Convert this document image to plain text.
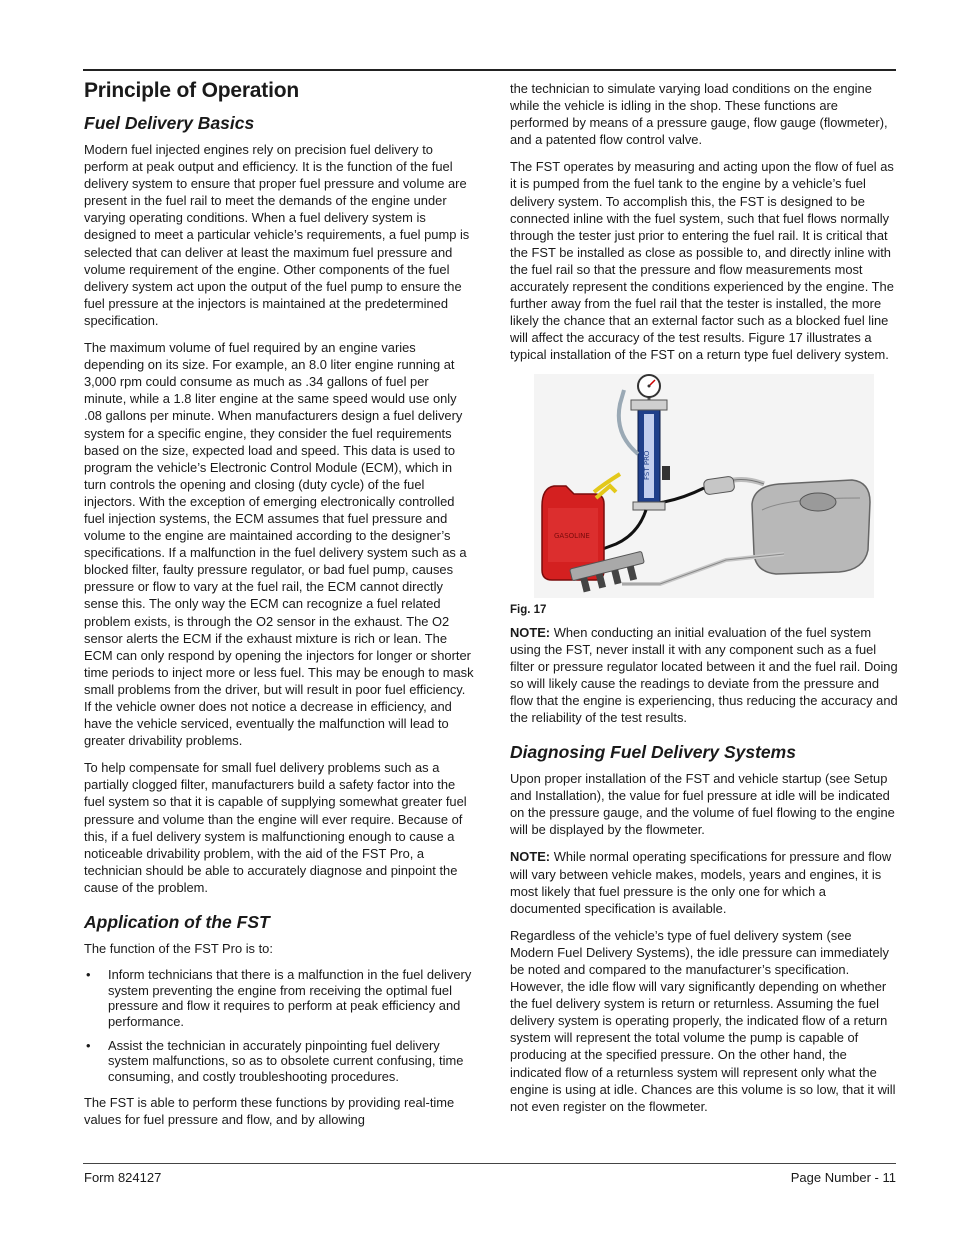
Principle of Operation
Fuel Delivery Basics

Modern fuel injected engines rely on precision fuel delivery to perform at peak output and efficiency. It is the function of the fuel delivery system to ensure that proper fuel pressure and volume are present in the fuel rail to meet the demands of the engine under varying operating conditions. When a fuel delivery system is designed to meet a particular vehicle’s requirements, a fuel pump is selected that can deliver at least the maximum fuel pressure and volume requirement of the engine. Other components of the fuel delivery system act upon the output of the fuel pump to ensure the fuel pressure at the injectors is maintained at the predetermined specification.

The maximum volume of fuel required by an engine varies depending on its size. For example, an 8.0 liter engine running at 3,000 rpm could consume as much as .34 gallons of fuel per minute, while a 1.8 liter engine at the same speed would use only .08 gallons per minute. When manufacturers design a fuel delivery system for a specific engine, they consider the fuel requirements based on the size, expected load and speed. This data is used to program the vehicle’s Electronic Control Module (ECM), which in turn controls the opening and closing (duty cycle) of the fuel injectors. With the exception of emerging electronically controlled fuel injection systems, the ECM assumes that fuel pressure and volume to the engine are maintained according to the designer’s specifications. If a malfunction in the fuel delivery system such as a blocked filter, faulty pressure regulator, or bad fuel pump, causes pressure or flow to vary at the fuel rail, the ECM cannot directly sense this. The only way the ECM can recognize a fuel related problem exists, is through the O2 sensor in the exhaust. The O2 sensor alerts the ECM if the exhaust mixture is rich or lean. The ECM can only respond by opening the injectors for longer or shorter time periods to inject more or less fuel. This may be enough to mask small problems from the driver, but will result in poor fuel efficiency. If the vehicle owner does not notice a decrease in efficiency, and have the vehicle serviced, eventually the malfunction will lead to greater drivability problems.

To help compensate for small fuel delivery problems such as a partially clogged filter, manufacturers build a safety factor into the fuel system so that it is capable of supplying somewhat greater fuel pressure and volume than the engine will ever require. Because of this, if a fuel delivery system is malfunctioning enough to cause a noticeable drivability problem, with the aid of the FST Pro, a technician should be able to accurately diagnose and pinpoint the cause of the problem.

Application of the FST

The function of the FST Pro is to:

• Inform technicians that there is a malfunction in the fuel delivery system preventing the engine from receiving the optimal fuel pressure and flow it requires to perform at peak efficiency and performance.
• Assist the technician in accurately pinpointing fuel delivery system malfunctions, so as to obsolete current confusing, time consuming, and costly troubleshooting procedures.

The FST is able to perform these functions by providing real-time values for fuel pressure and flow, and by allowing

the technician to simulate varying load conditions on the engine while the vehicle is idling in the shop. These functions are performed by means of a pressure gauge, flow gauge (flowmeter), and a patented flow control valve.

The FST operates by measuring and acting upon the flow of fuel as it is pumped from the fuel tank to the engine by a vehicle’s fuel delivery system. To accomplish this, the FST is designed to be connected inline with the fuel system, such that fuel flows normally through the tester just prior to entering the fuel rail. It is critical that the FST be installed as close as possible to, and directly inline with the fuel rail so that the pressure and flow measurements most accurately represent the conditions experienced by the engine. The further away from the fuel rail that the tester is installed, the more likely the chance that an external factor such as a blocked fuel line will affect the accuracy of the test results. Figure 17 illustrates a typical installation of the FST on a return type fuel delivery system.

FST PRO
GASOLINE
Fig. 17

NOTE: When conducting an initial evaluation of the fuel system using the FST, never install it with any component such as a fuel filter or pressure regulator located between it and the fuel rail. Doing so will likely cause the readings to deviate from the pressure and flow that the engine is experiencing, thus reducing the accuracy and the reliability of the test results.

Diagnosing Fuel Delivery Systems

Upon proper installation of the FST and vehicle startup (see Setup and Installation), the value for fuel pressure at idle will be indicated on the pressure gauge, and the volume of fuel flowing to the engine will be displayed by the flowmeter.

NOTE: While normal operating specifications for pressure and flow will vary between vehicle makes, models, years and engines, it is most likely that fuel pressure is the only one for which a documented specification is available.

Regardless of the vehicle’s type of fuel delivery system (see Modern Fuel Delivery Systems), the idle pressure can immediately be noted and compared to the manufacturer’s specification. However, the idle flow will vary significantly depending on whether the fuel delivery system is return or returnless. Assuming the fuel delivery system is operating properly, the indicated flow of a return system will represent the total volume the pump is capable of producing at the specified pressure. On the other hand, the indicated flow of a returnless system will represent only what the engine is using at idle. Chances are this volume is so low, that it will not even register on the flowmeter.

Form 824127	Page Number - 11
